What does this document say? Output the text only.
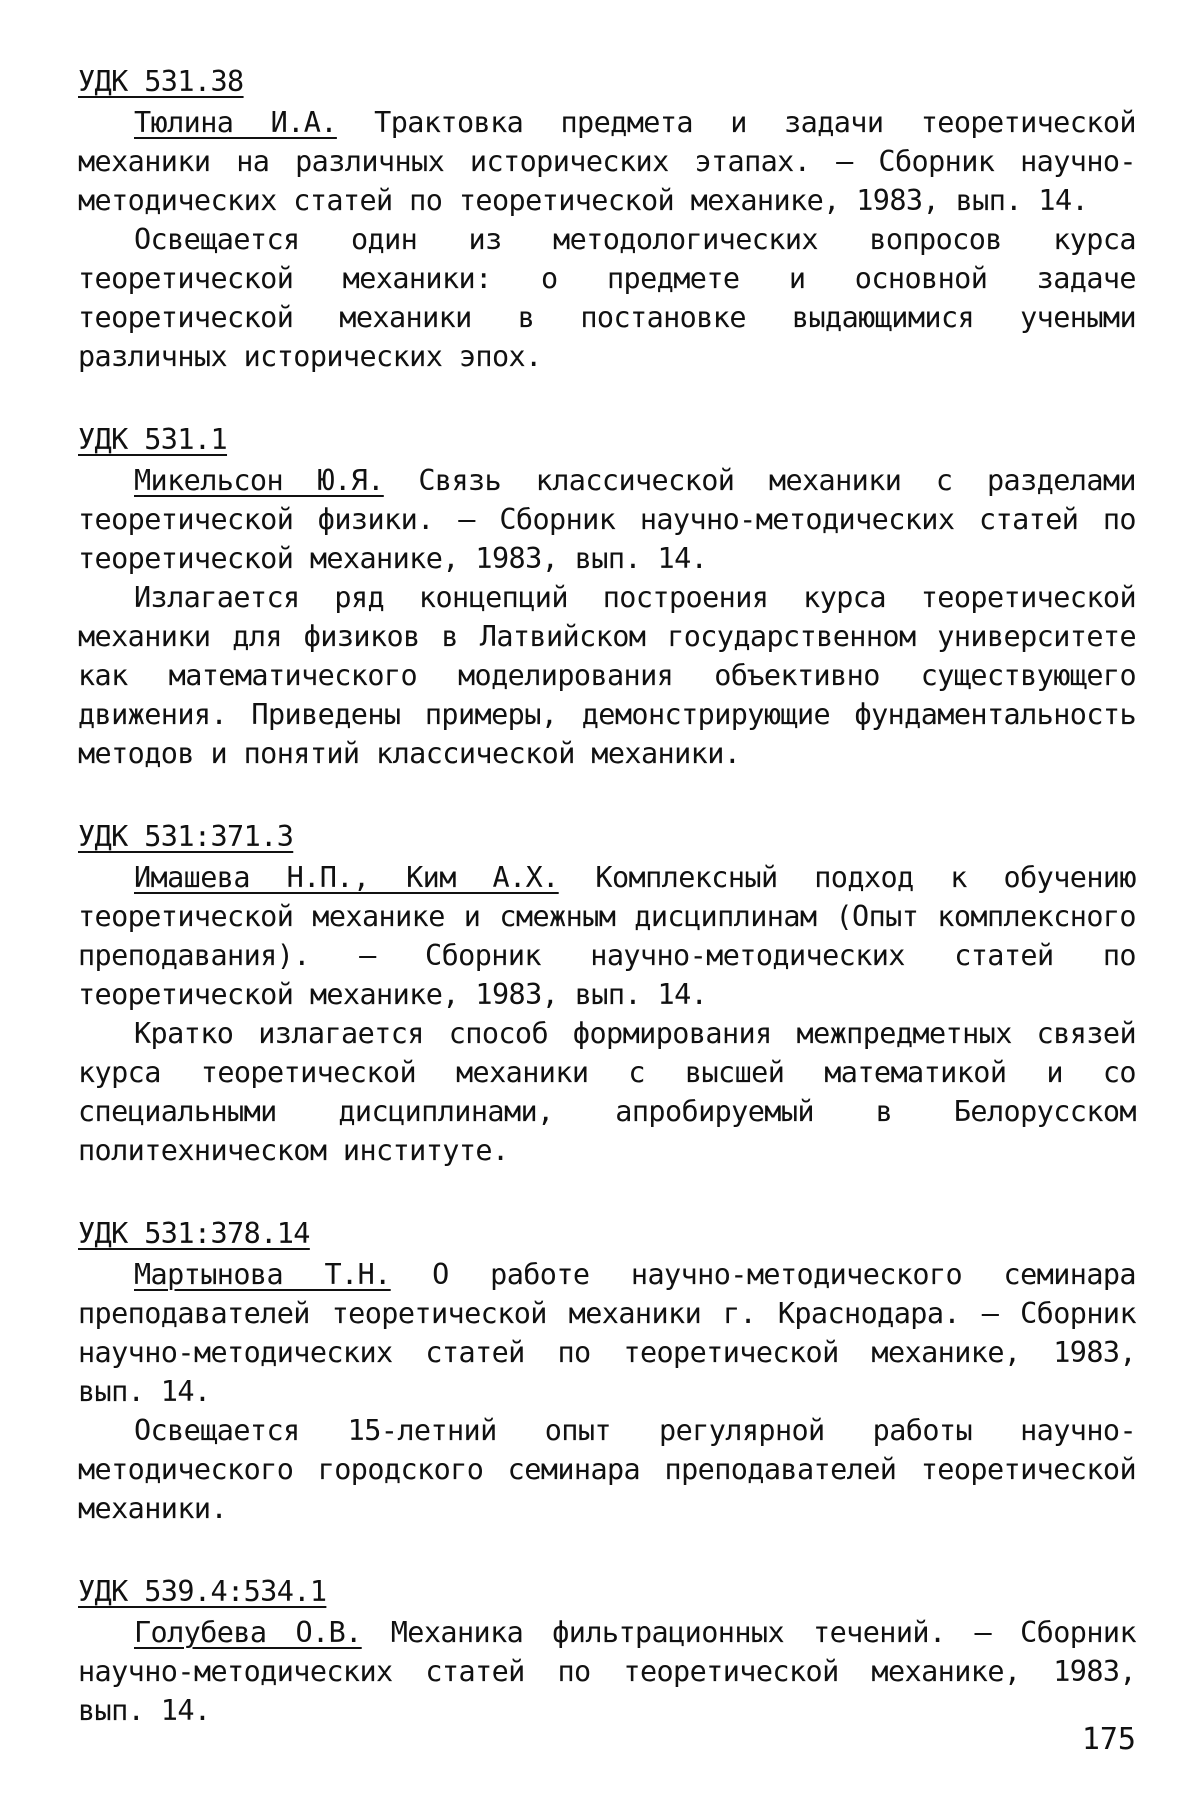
УДК 531.38

Тюлина И.А. Трактовка предмета и задачи теоретической механики на различных исторических этапах. – Сборник научно-методических статей по теоретической механике, 1983, вып. 14.

Освещается один из методологических вопросов курса теоретической механики: о предмете и основной задаче теоретической механики в постановке выдающимися учеными различных исторических эпох.

УДК 531.1

Микельсон Ю.Я. Связь классической механики с разделами теоретической физики. – Сборник научно-методических статей по теоретической механике, 1983, вып. 14.

Излагается ряд концепций построения курса теоретической механики для физиков в Латвийском государственном университете как математического моделирования объективно существующего движения. Приведены примеры, демонстрирующие фундаментальность методов и понятий классической механики.

УДК 531:371.3

Имашева Н.П., Ким А.Х. Комплексный подход к обучению теоретической механике и смежным дисциплинам (Опыт комплексного преподавания). – Сборник научно-методических статей по теоретической механике, 1983, вып. 14.

Кратко излагается способ формирования межпредметных связей курса теоретической механики с высшей математикой и со специальными дисциплинами, апробируемый в Белорусском политехническом институте.

УДК 531:378.14

Мартынова Т.Н. О работе научно-методического семинара преподавателей теоретической механики г. Краснодара. – Сборник научно-методических статей по теоретической механике, 1983, вып. 14.

Освещается 15-летний опыт регулярной работы научно-методического городского семинара преподавателей теоретической механики.

УДК 539.4:534.1

Голубева О.В. Механика фильтрационных течений. – Сборник научно-методических статей по теоретической механике, 1983, вып. 14.

175
